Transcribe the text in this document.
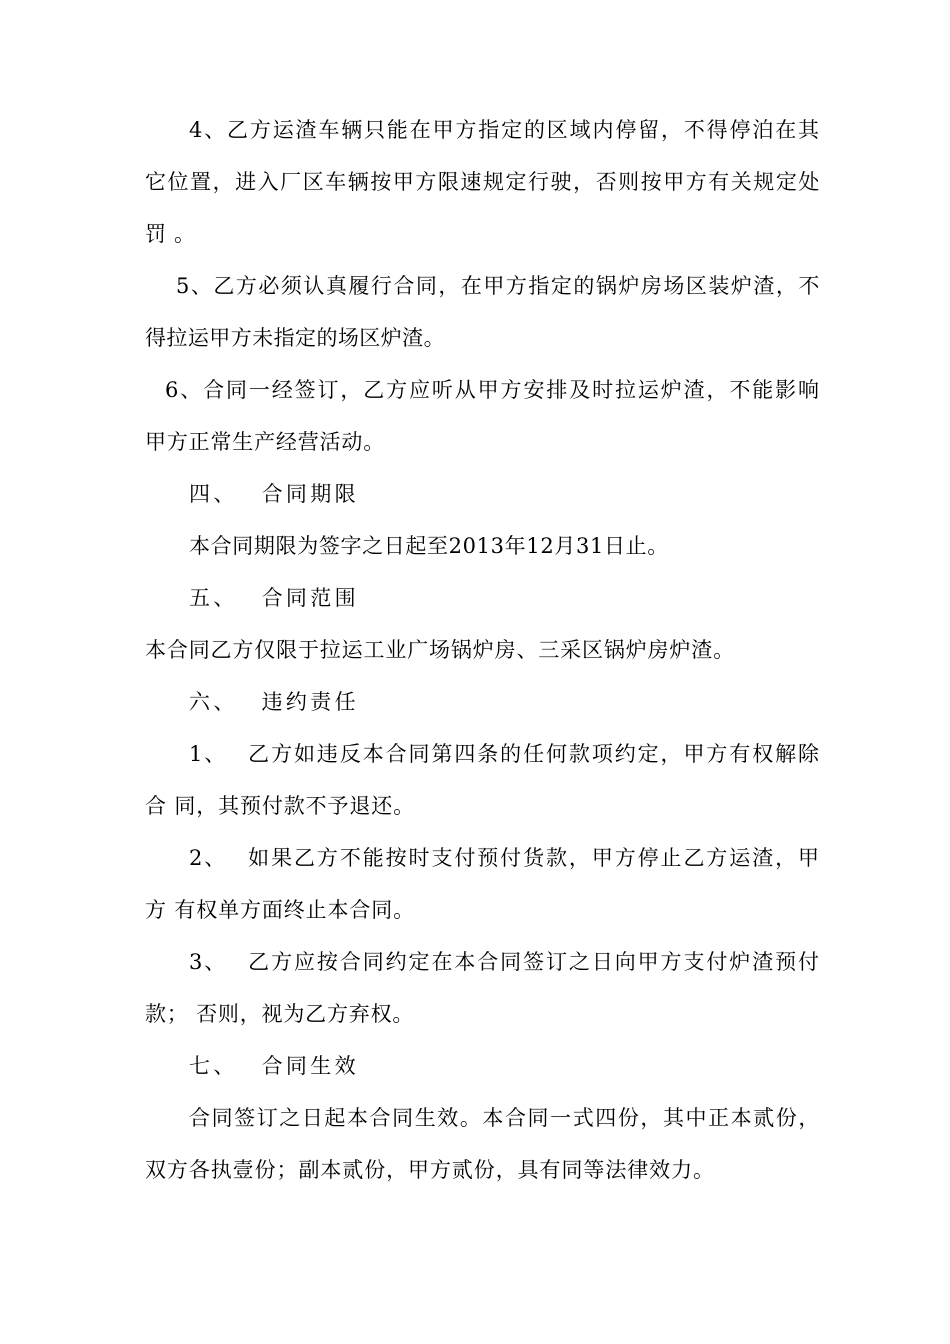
4、乙方运渣车辆只能在甲方指定的区域内停留，不得停泊在其

它位置，进入厂区车辆按甲方限速规定行驶，否则按甲方有关规定处

罚。

5、乙方必须认真履行合同，在甲方指定的锅炉房场区装炉渣，不

得拉运甲方未指定的场区炉渣。

6、合同一经签订，乙方应听从甲方安排及时拉运炉渣，不能影响

甲方正常生产经营活动。

四、　 合同期限

本合同期限为签字之日起至2013年12月31日止。

五、　 合同范围

本合同乙方仅限于拉运工业广场锅炉房、三采区锅炉房炉渣。

六、　 违约责任

1、　 乙方如违反本合同第四条的任何款项约定，甲方有权解除

合 同，其预付款不予退还。

2、　 如果乙方不能按时支付预付货款，甲方停止乙方运渣，甲

方 有权单方面终止本合同。

3、　 乙方应按合同约定在本合同签订之日向甲方支付炉渣预付

款； 否则，视为乙方弃权。

七、　 合同生效

合同签订之日起本合同生效。本合同一式四份，其中正本贰份，

双方各执壹份；副本贰份，甲方贰份，具有同等法律效力。
